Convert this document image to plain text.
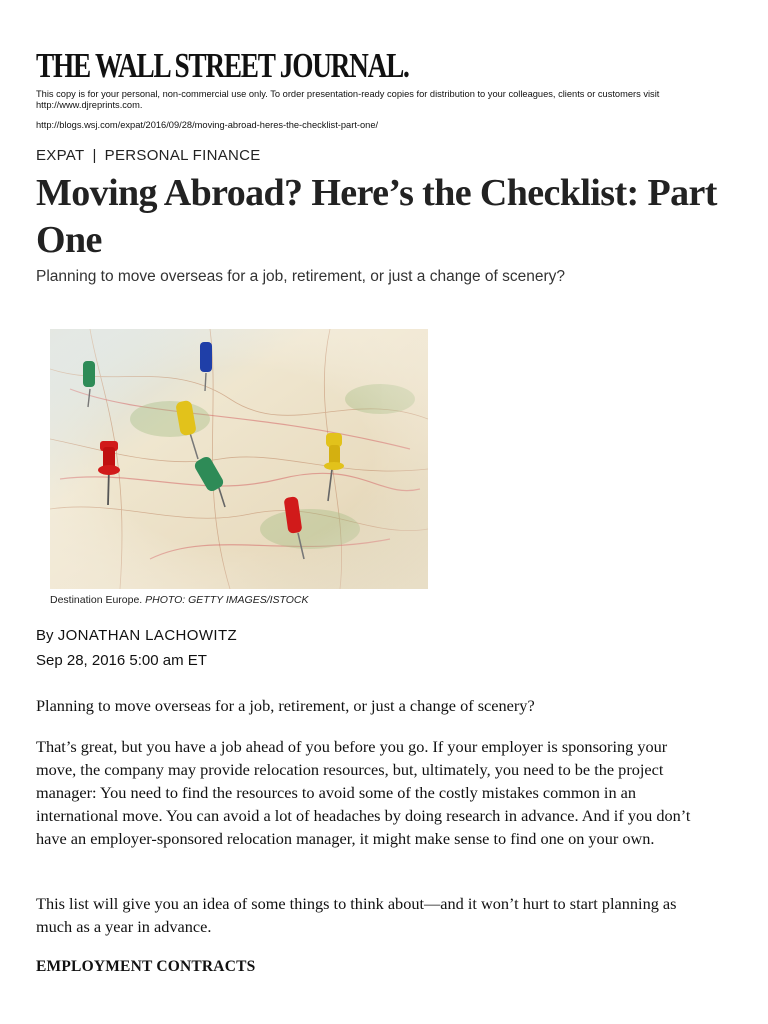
THE WALL STREET JOURNAL.
This copy is for your personal, non-commercial use only. To order presentation-ready copies for distribution to your colleagues, clients or customers visit http://www.djreprints.com.
http://blogs.wsj.com/expat/2016/09/28/moving-abroad-heres-the-checklist-part-one/
EXPAT | PERSONAL FINANCE
Moving Abroad? Here’s the Checklist: Part One
Planning to move overseas for a job, retirement, or just a change of scenery?
Destination Europe. PHOTO: GETTY IMAGES/ISTOCK
By JONATHAN LACHOWITZ
Sep 28, 2016 5:00 am ET

Planning to move overseas for a job, retirement, or just a change of scenery?

That’s great, but you have a job ahead of you before you go. If your employer is sponsoring your move, the company may provide relocation resources, but, ultimately, you need to be the project manager: You need to find the resources to avoid some of the costly mistakes common in an international move. You can avoid a lot of headaches by doing research in advance. And if you don’t have an employer-sponsored relocation manager, it might make sense to find one on your own.

This list will give you an idea of some things to think about—and it won’t hurt to start planning as much as a year in advance.

EMPLOYMENT CONTRACTS
